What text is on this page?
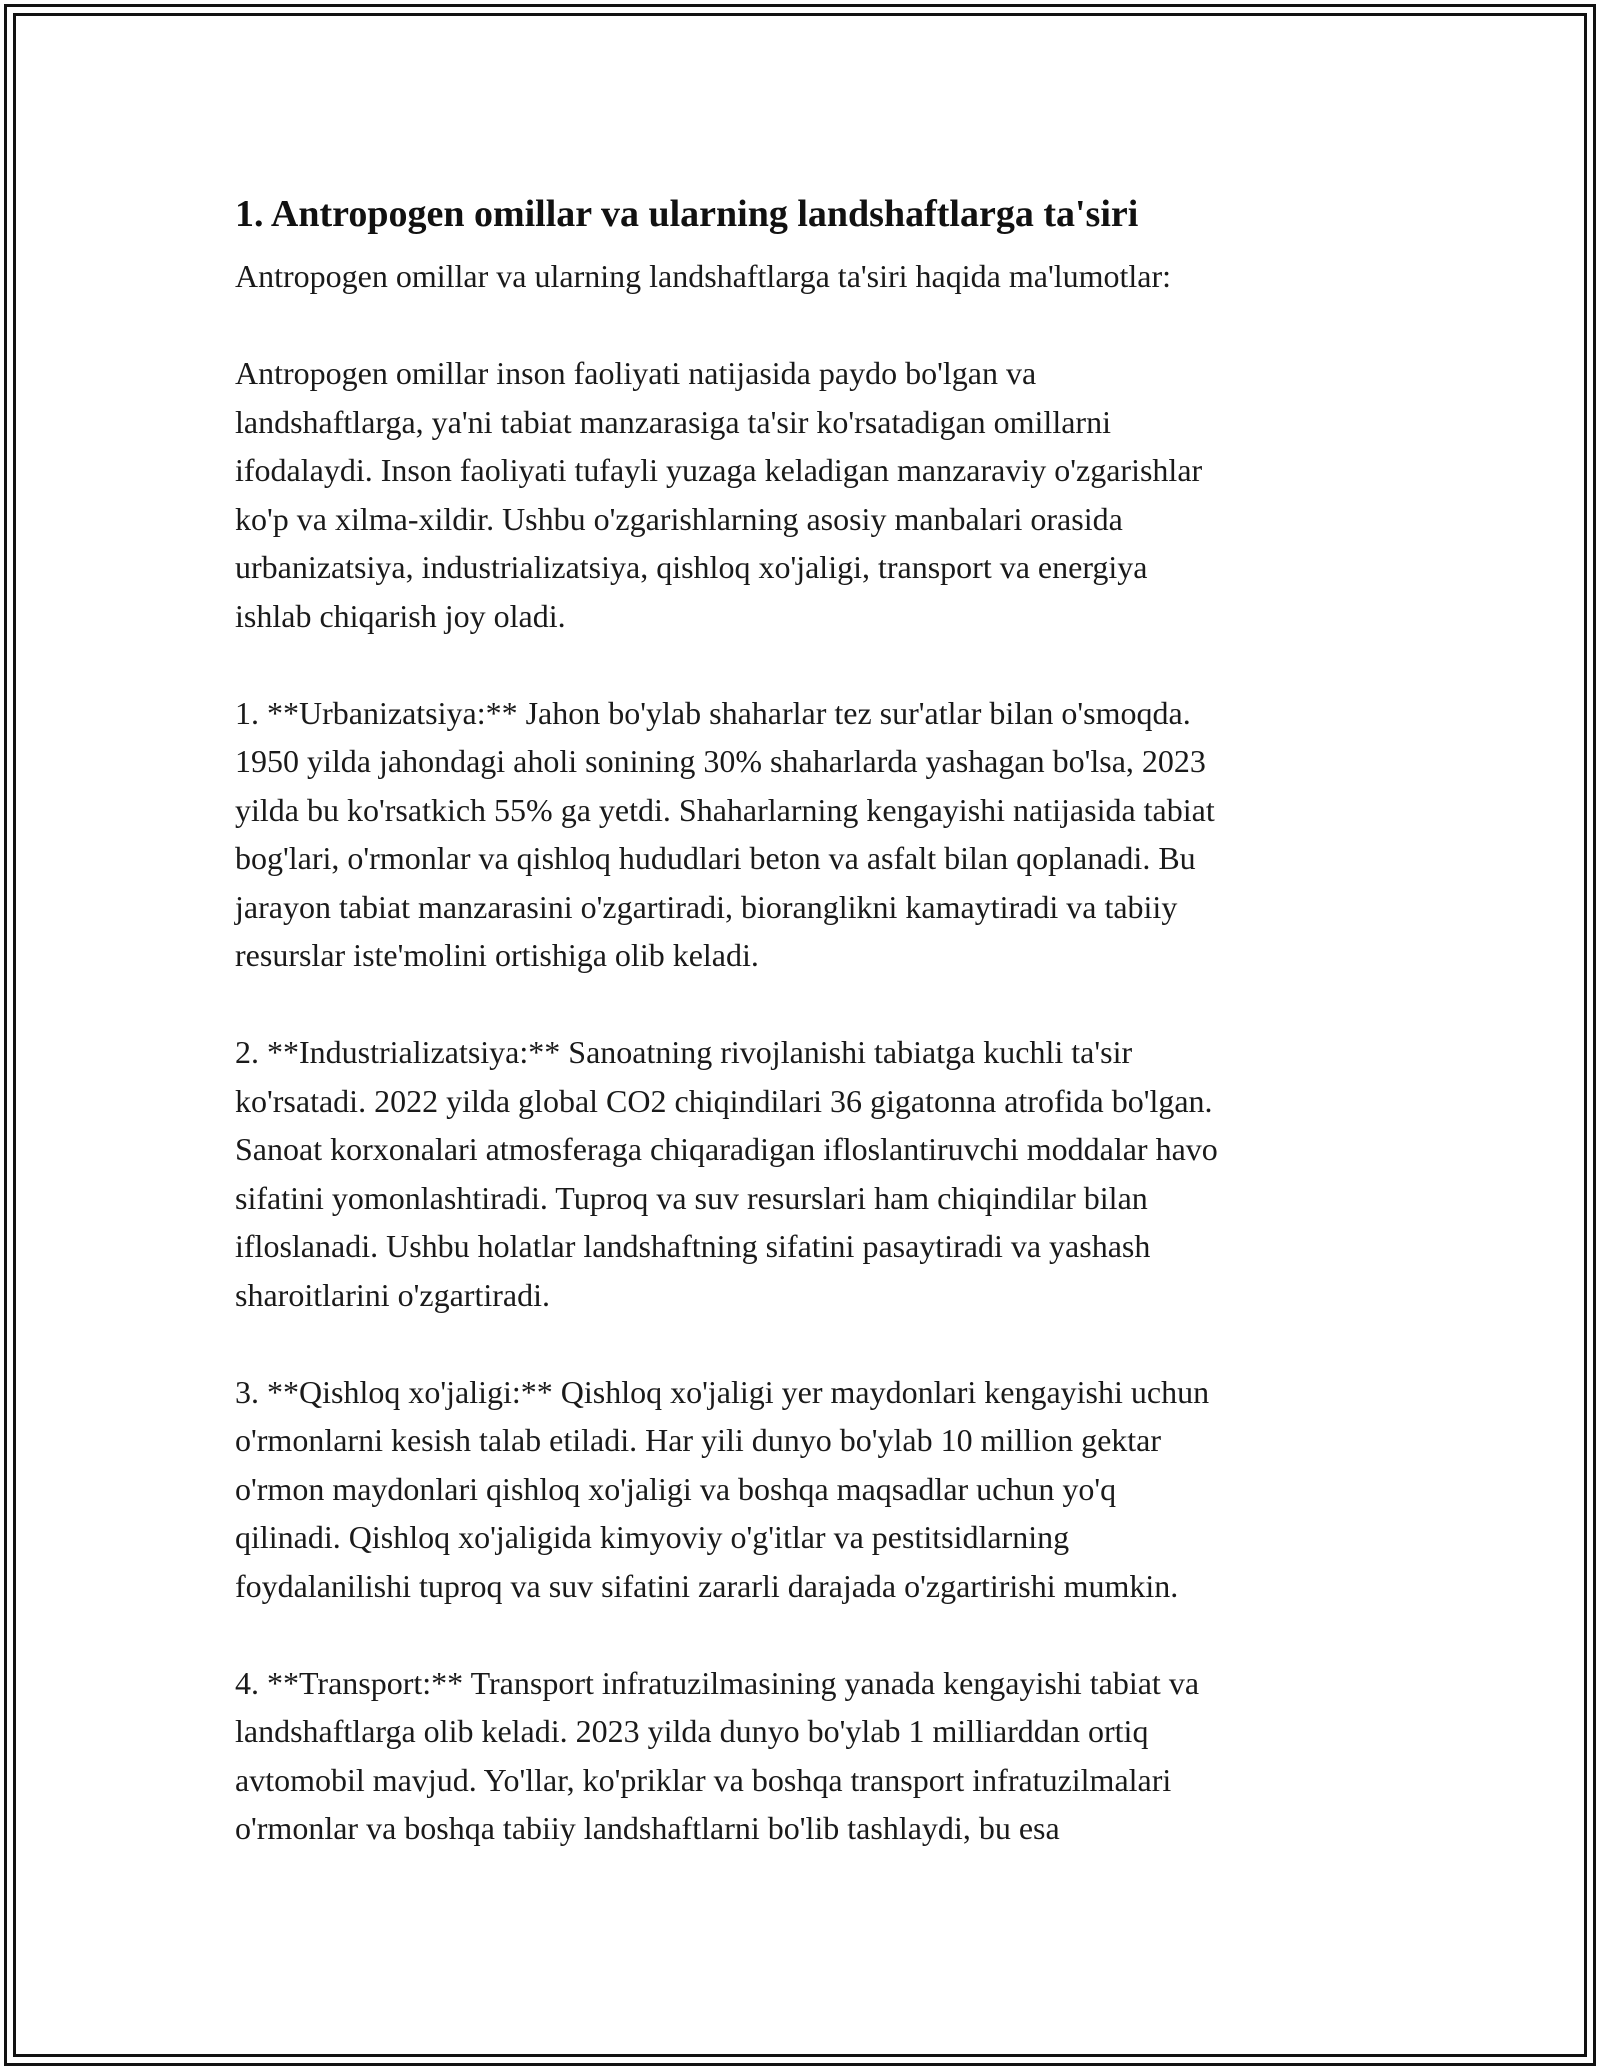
1. Antropogen omillar va ularning landshaftlarga ta'siri

Antropogen omillar va ularning landshaftlarga ta'siri haqida ma'lumotlar:

Antropogen omillar inson faoliyati natijasida paydo bo'lgan va
landshaftlarga, ya'ni tabiat manzarasiga ta'sir ko'rsatadigan omillarni
ifodalaydi. Inson faoliyati tufayli yuzaga keladigan manzaraviy o'zgarishlar
ko'p va xilma-xildir. Ushbu o'zgarishlarning asosiy manbalari orasida
urbanizatsiya, industrializatsiya, qishloq xo'jaligi, transport va energiya
ishlab chiqarish joy oladi.

1. **Urbanizatsiya:** Jahon bo'ylab shaharlar tez sur'atlar bilan o'smoqda.
1950 yilda jahondagi aholi sonining 30% shaharlarda yashagan bo'lsa, 2023
yilda bu ko'rsatkich 55% ga yetdi. Shaharlarning kengayishi natijasida tabiat
bog'lari, o'rmonlar va qishloq hududlari beton va asfalt bilan qoplanadi. Bu
jarayon tabiat manzarasini o'zgartiradi, bioranglikni kamaytiradi va tabiiy
resurslar iste'molini ortishiga olib keladi.

2. **Industrializatsiya:** Sanoatning rivojlanishi tabiatga kuchli ta'sir
ko'rsatadi. 2022 yilda global CO2 chiqindilari 36 gigatonna atrofida bo'lgan.
Sanoat korxonalari atmosferaga chiqaradigan ifloslantiruvchi moddalar havo
sifatini yomonlashtiradi. Tuproq va suv resurslari ham chiqindilar bilan
ifloslanadi. Ushbu holatlar landshaftning sifatini pasaytiradi va yashash
sharoitlarini o'zgartiradi.

3. **Qishloq xo'jaligi:** Qishloq xo'jaligi yer maydonlari kengayishi uchun
o'rmonlarni kesish talab etiladi. Har yili dunyo bo'ylab 10 million gektar
o'rmon maydonlari qishloq xo'jaligi va boshqa maqsadlar uchun yo'q
qilinadi. Qishloq xo'jaligida kimyoviy o'g'itlar va pestitsidlarning
foydalanilishi tuproq va suv sifatini zararli darajada o'zgartirishi mumkin.

4. **Transport:** Transport infratuzilmasining yanada kengayishi tabiat va
landshaftlarga olib keladi. 2023 yilda dunyo bo'ylab 1 milliarddan ortiq
avtomobil mavjud. Yo'llar, ko'priklar va boshqa transport infratuzilmalari
o'rmonlar va boshqa tabiiy landshaftlarni bo'lib tashlaydi, bu esa
